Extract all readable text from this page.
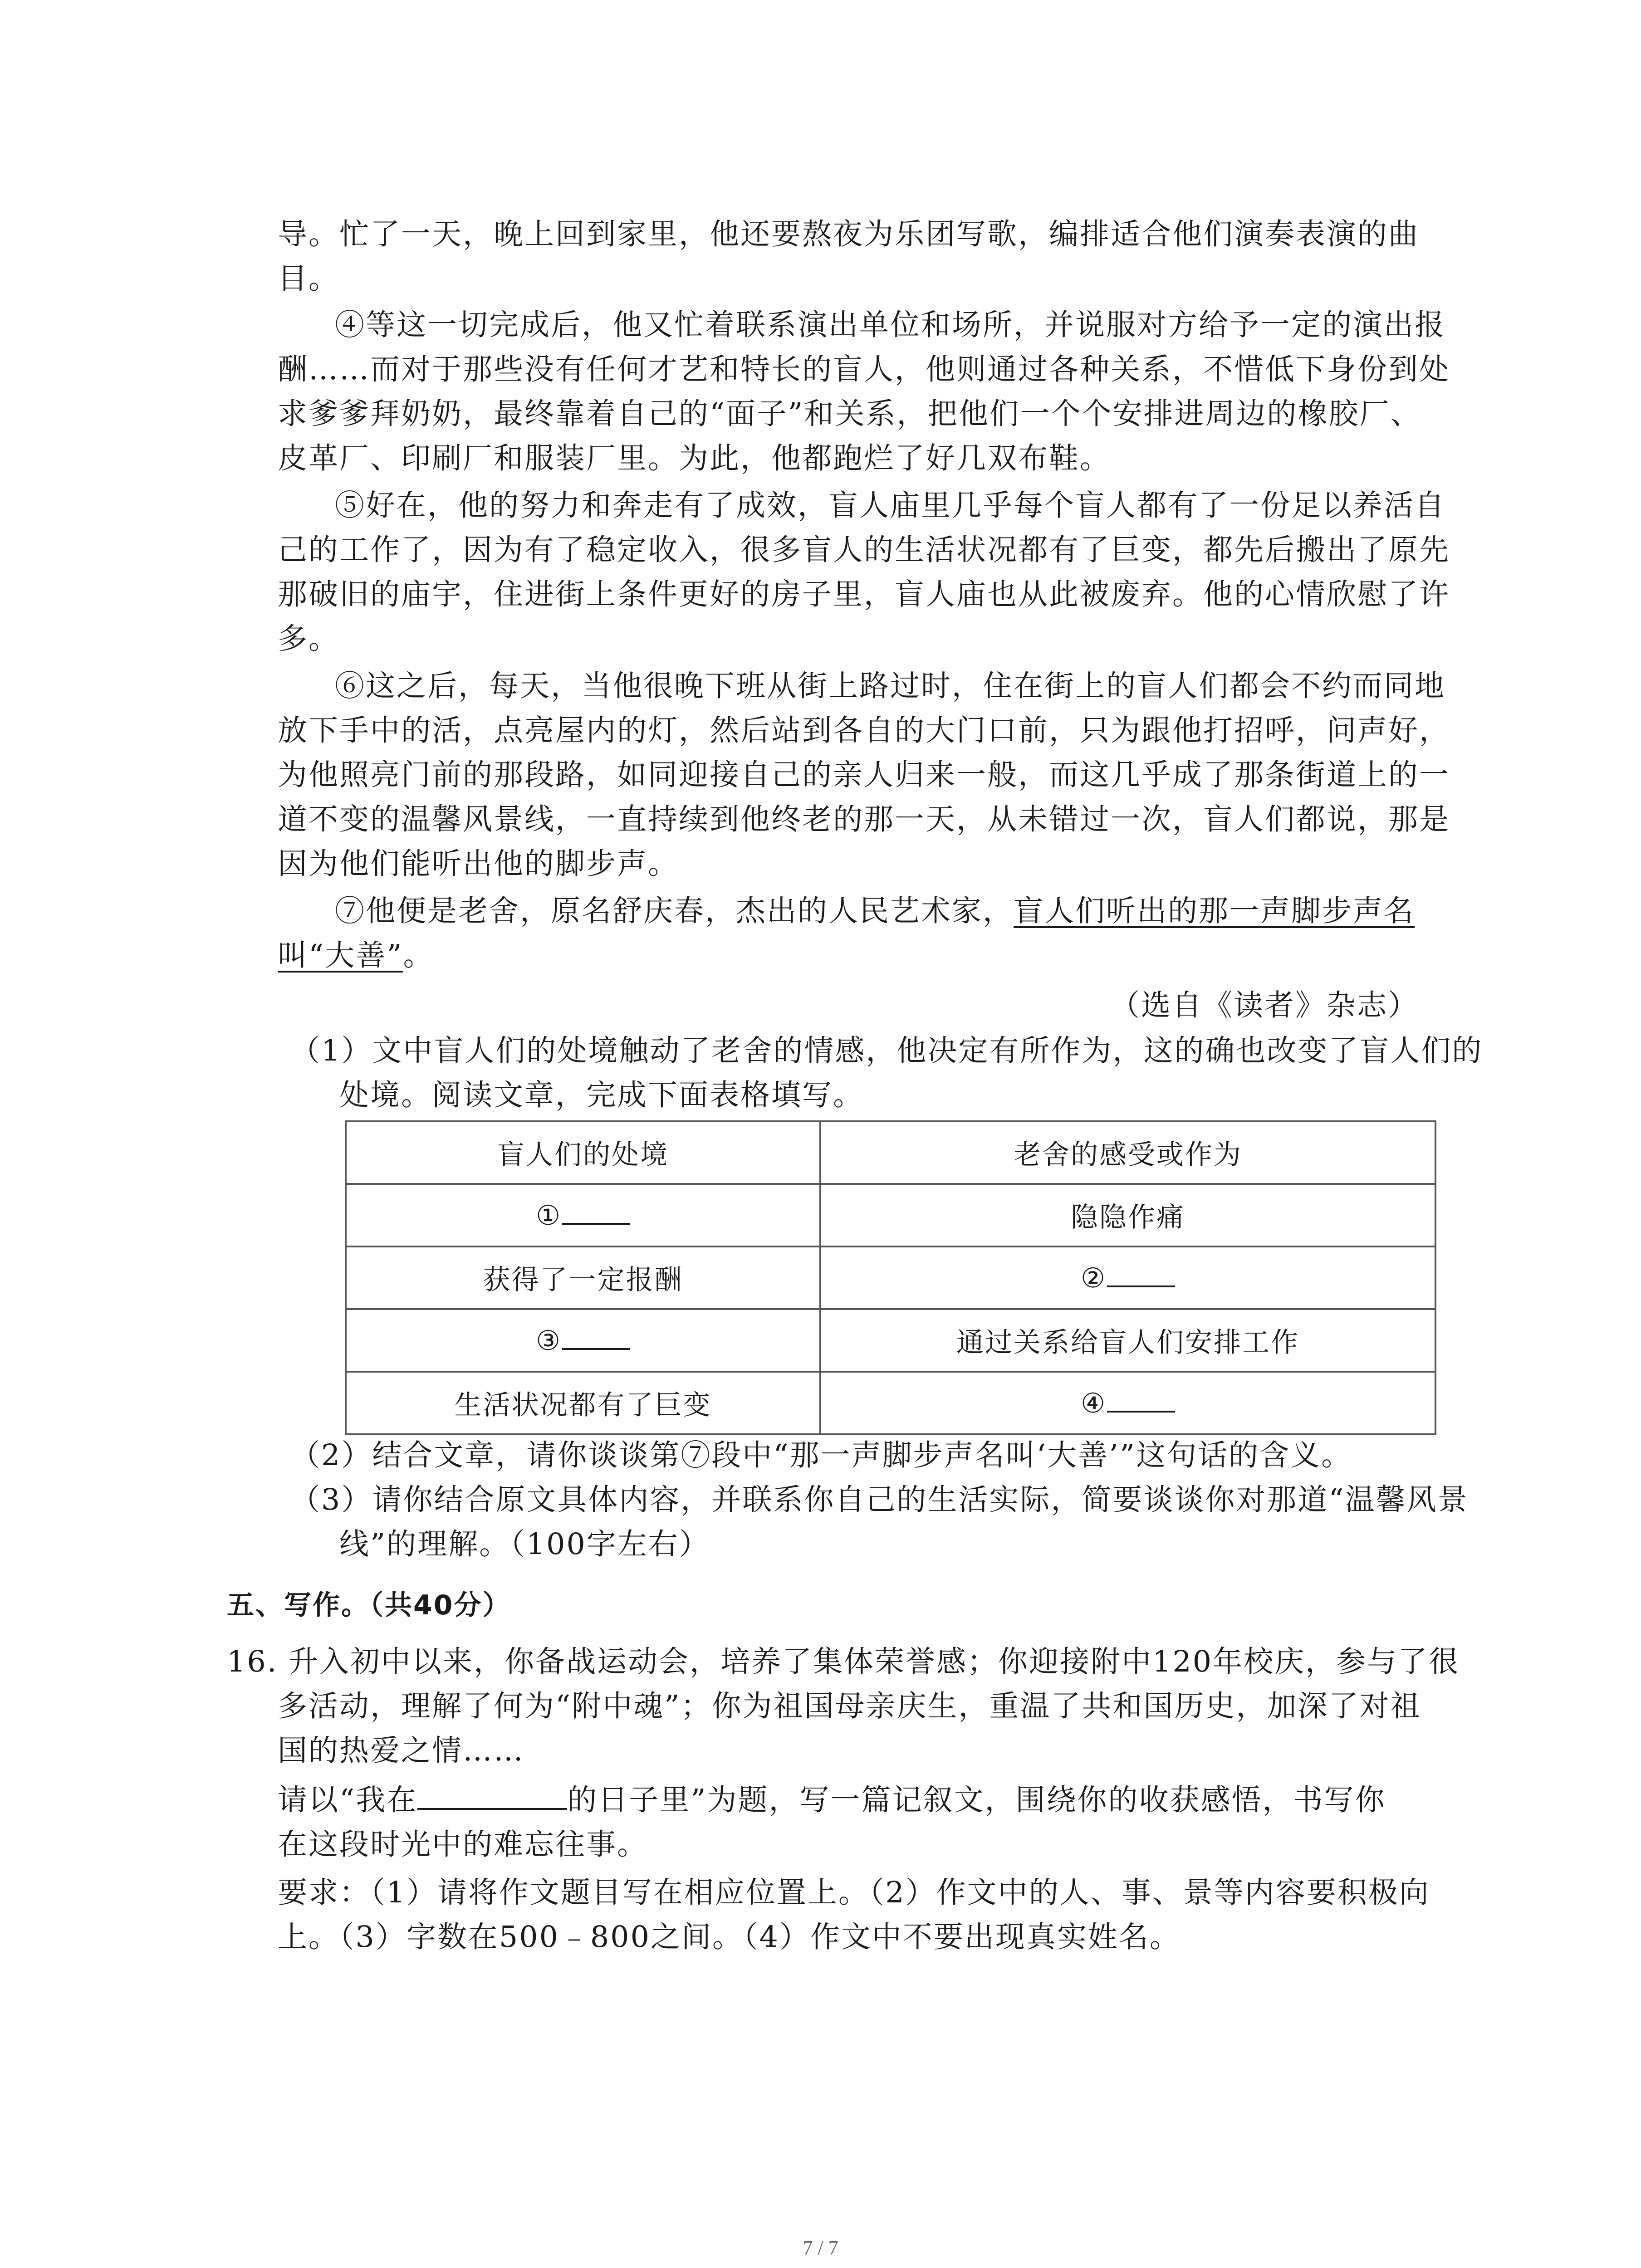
导。忙了一天，晚上回到家里，他还要熬夜为乐团写歌，编排适合他们演奏表演的曲
目。
④等这一切完成后，他又忙着联系演出单位和场所，并说服对方给予一定的演出报
酬……而对于那些没有任何才艺和特长的盲人，他则通过各种关系，不惜低下身份到处
求爹爹拜奶奶，最终靠着自己的“面子”和关系，把他们一个个安排进周边的橡胶厂、
皮革厂、印刷厂和服装厂里。为此，他都跑烂了好几双布鞋。
⑤好在，他的努力和奔走有了成效，盲人庙里几乎每个盲人都有了一份足以养活自
己的工作了，因为有了稳定收入，很多盲人的生活状况都有了巨变，都先后搬出了原先
那破旧的庙宇，住进街上条件更好的房子里，盲人庙也从此被废弃。他的心情欣慰了许
多。
⑥这之后，每天，当他很晚下班从街上路过时，住在街上的盲人们都会不约而同地
放下手中的活，点亮屋内的灯，然后站到各自的大门口前，只为跟他打招呼，问声好，
为他照亮门前的那段路，如同迎接自己的亲人归来一般，而这几乎成了那条街道上的一
道不变的温馨风景线，一直持续到他终老的那一天，从未错过一次，盲人们都说，那是
因为他们能听出他的脚步声。
⑦他便是老舍，原名舒庆春，杰出的人民艺术家，盲人们听出的那一声脚步声名
叫“大善”。
（选自《读者》杂志）
（1）文中盲人们的处境触动了老舍的情感，他决定有所作为，这的确也改变了盲人们的
处境。阅读文章，完成下面表格填写。
盲人们的处境	老舍的感受或作为
①	隐隐作痛
获得了一定报酬	②
③	通过关系给盲人们安排工作
生活状况都有了巨变	④
（2）结合文章，请你谈谈第⑦段中“那一声脚步声名叫‘大善’”这句话的含义。
（3）请你结合原文具体内容，并联系你自己的生活实际，简要谈谈你对那道“温馨风景
线”的理解。（100字左右）
五、写作。（共40分）
16. 升入初中以来，你备战运动会，培养了集体荣誉感；你迎接附中120年校庆，参与了很
多活动，理解了何为“附中魂”；你为祖国母亲庆生，重温了共和国历史，加深了对祖
国的热爱之情……
请以“我在	的日子里”为题，写一篇记叙文，围绕你的收获感悟，书写你
在这段时光中的难忘往事。
要求：（1）请将作文题目写在相应位置上。（2）作文中的人、事、景等内容要积极向
上。（3）字数在500﹣800之间。（4）作文中不要出现真实姓名。
7 / 7
